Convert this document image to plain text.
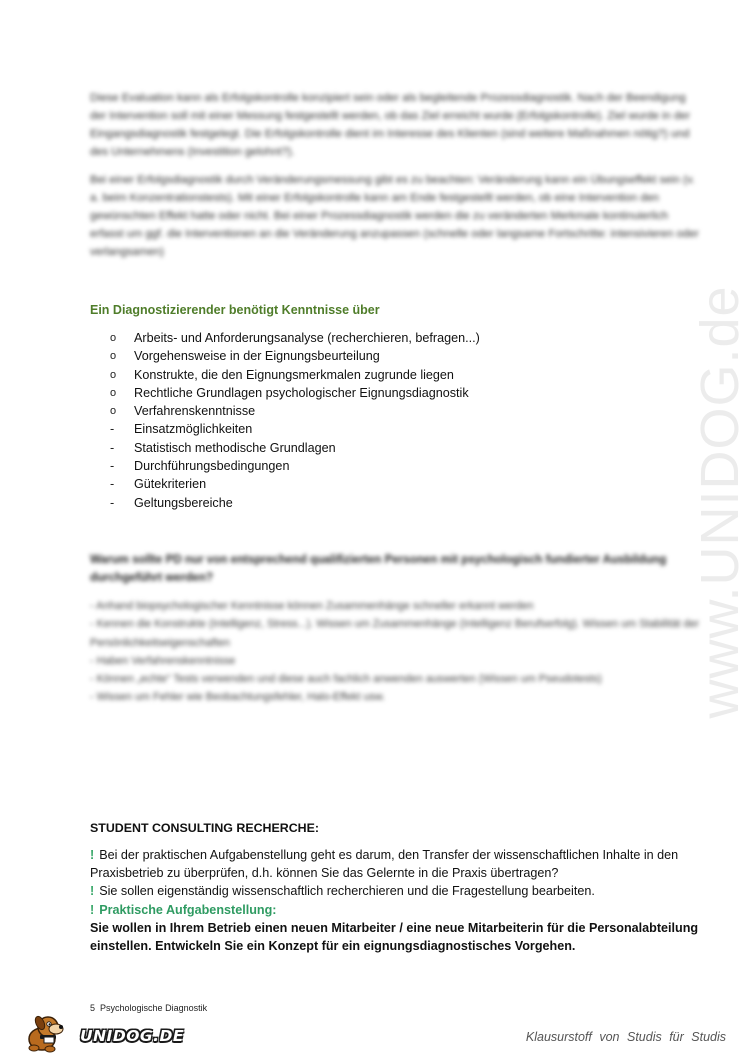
Diese Evaluation kann als Erfolgskontrolle konzipiert sein oder als begleitende Prozessdiagnostik. Nach der Beendigung der Intervention soll mit einer Messung festgestellt werden, ob das Ziel erreicht wurde (Erfolgskontrolle). Ziel wurde in der Eingangsdiagnostik festgelegt. Die Erfolgskontrolle dient im Interesse des Klienten (sind weitere Maßnahmen nötig?) und des Unternehmens (Investition gelohnt?).
Bei einer Erfolgsdiagnostik durch Veränderungsmessung gibt es zu beachten: Veränderung kann ein Übungseffekt sein (v. a. beim Konzentrationstests). Mit einer Erfolgskontrolle kann am Ende festgestellt werden, ob eine Intervention den gewünschten Effekt hatte oder nicht. Bei einer Prozessdiagnostik werden die zu veränderten Merkmale kontinuierlich erfasst um ggf. die Interventionen an die Veränderung anzupassen (schnelle oder langsame Fortschritte: intensivieren oder verlangsamen)
Ein Diagnostizierender benötigt Kenntnisse über
o	Arbeits- und Anforderungsanalyse (recherchieren, befragen...)
o	Vorgehensweise in der Eignungsbeurteilung
o	Konstrukte, die den Eignungsmerkmalen zugrunde liegen
o	Rechtliche Grundlagen psychologischer Eignungsdiagnostik
o	Verfahrenskenntnisse
-	Einsatzmöglichkeiten
-	Statistisch methodische Grundlagen
-	Durchführungsbedingungen
-	Gütekriterien
-	Geltungsbereiche	www.UNIDOG.de
Warum sollte PD nur von entsprechend qualifizierten Personen mit psychologisch fundierter Ausbildung durchgeführt werden?
- Anhand biopsychologischer Kenntnisse können Zusammenhänge schneller erkannt werden
- Kennen die Konstrukte (Intelligenz, Stress...). Wissen um Zusammenhänge (Intelligenz Berufserfolg). Wissen um Stabilität der Persönlichkeitseigenschaften
- Haben Verfahrenskenntnisse
- Können „echte“ Tests verwenden und diese auch fachlich anwenden auswerten (Wissen um Pseudotests)
- Wissen um Fehler wie Beobachtungsfehler, Halo-Effekt usw.
STUDENT CONSULTING RECHERCHE:
! Bei der praktischen Aufgabenstellung geht es darum, den Transfer der wissenschaftlichen Inhalte in den Praxisbetrieb zu überprüfen, d.h. können Sie das Gelernte in die Praxis übertragen?
! Sie sollen eigenständig wissenschaftlich recherchieren und die Fragestellung bearbeiten.
! Praktische Aufgabenstellung:
Sie wollen in Ihrem Betrieb einen neuen Mitarbeiter / eine neue Mitarbeiterin für die Personalabteilung einstellen. Entwickeln Sie ein Konzept für ein eignungsdiagnostisches Vorgehen.
5 Psychologische Diagnostik
UNIDOG.DE	Klausurstoff von Studis für Studis
